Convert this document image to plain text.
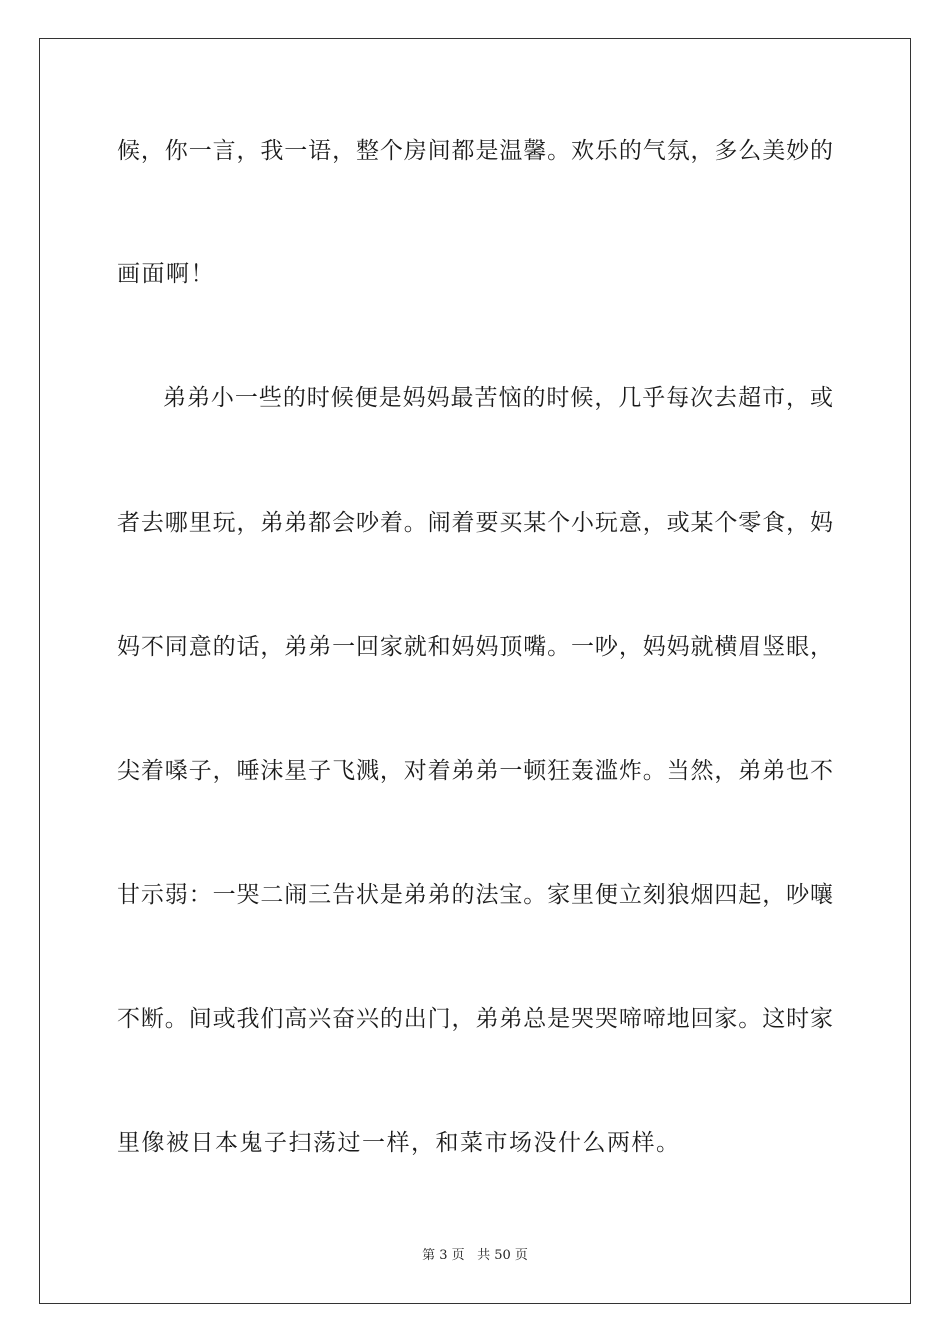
候，你一言，我一语，整个房间都是温馨。欢乐的气氛，多么美妙的
画面啊！
弟弟小一些的时候便是妈妈最苦恼的时候，几乎每次去超市，或
者去哪里玩，弟弟都会吵着。闹着要买某个小玩意，或某个零食，妈
妈不同意的话，弟弟一回家就和妈妈顶嘴。一吵，妈妈就横眉竖眼，
尖着嗓子，唾沫星子飞溅，对着弟弟一顿狂轰滥炸。当然，弟弟也不
甘示弱：一哭二闹三告状是弟弟的法宝。家里便立刻狼烟四起，吵嚷
不断。间或我们高兴奋兴的出门，弟弟总是哭哭啼啼地回家。这时家
里像被日本鬼子扫荡过一样，和菜市场没什么两样。
第 3 页 共 50 页
